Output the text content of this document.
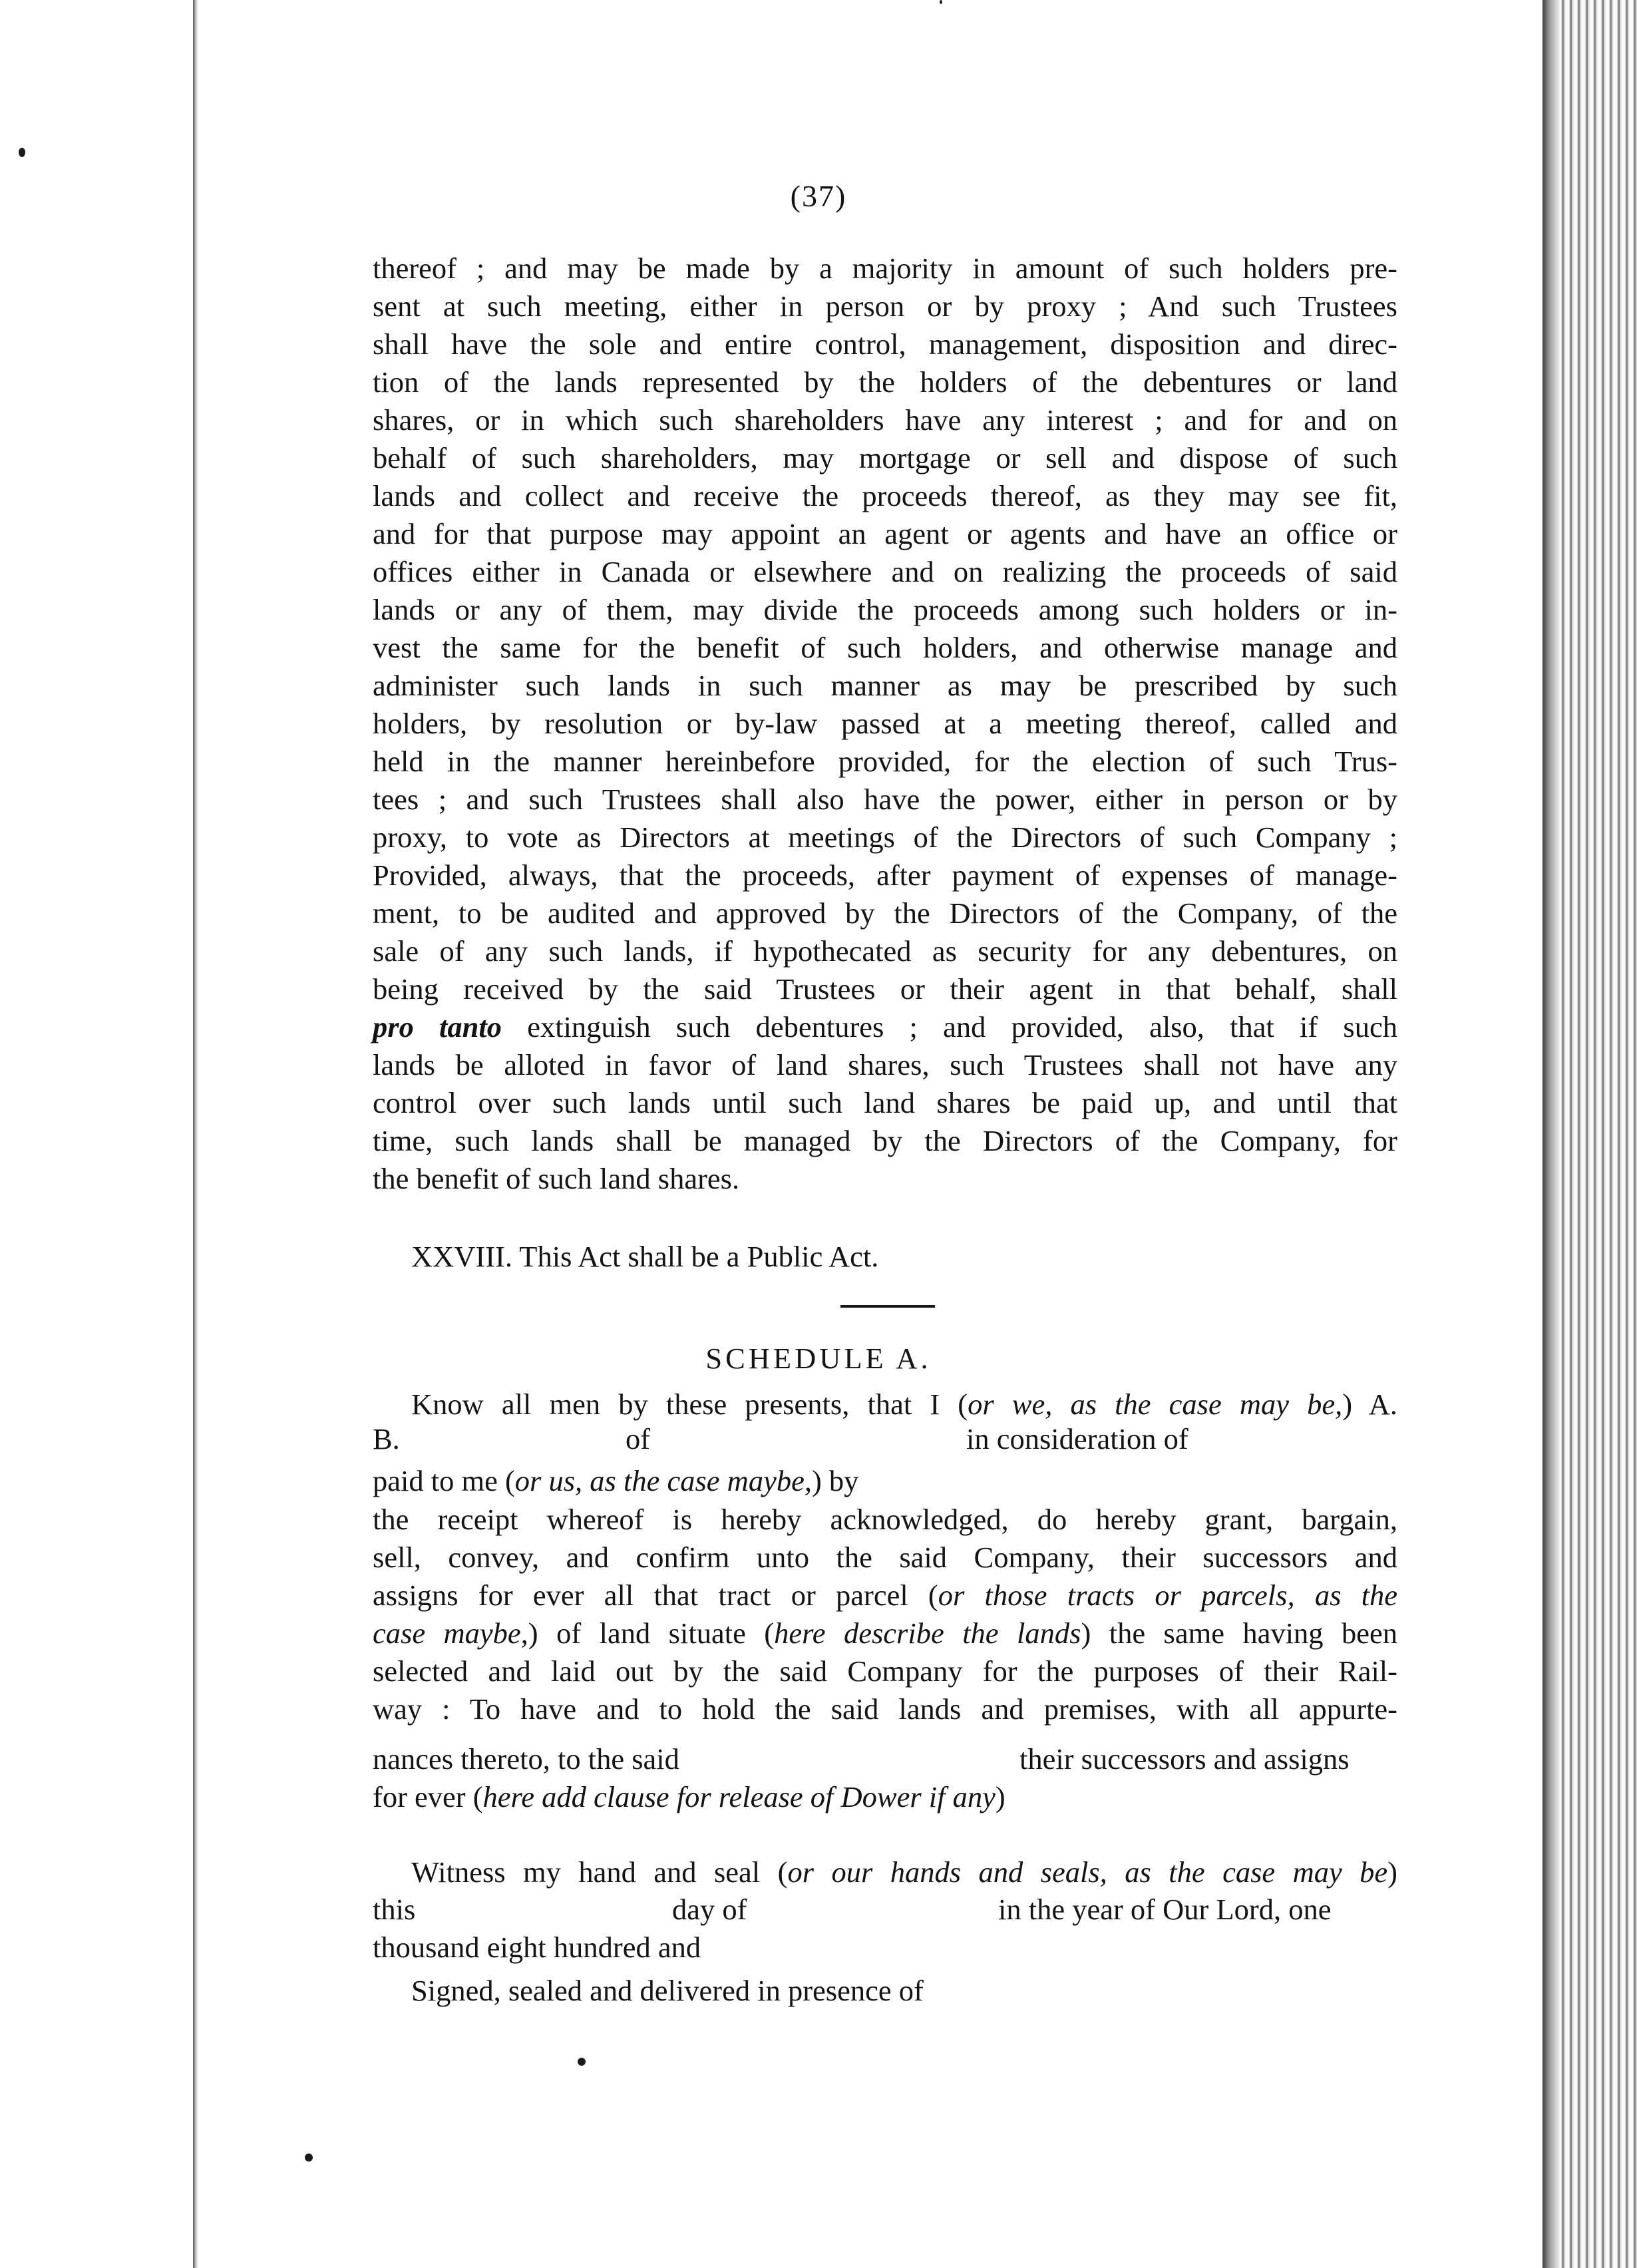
(37)
thereof ; and may be made by a majority in amount of such holders pre-
sent at such meeting, either in person or by proxy ; And such Trustees
shall have the sole and entire control, management, disposition and direc-
tion of the lands represented by the holders of the debentures or land
shares, or in which such shareholders have any interest ; and for and on
behalf of such shareholders, may mortgage or sell and dispose of such
lands and collect and receive the proceeds thereof, as they may see fit,
and for that purpose may appoint an agent or agents and have an office or
offices either in Canada or elsewhere and on realizing the proceeds of said
lands or any of them, may divide the proceeds among such holders or in-
vest the same for the benefit of such holders, and otherwise manage and
administer such lands in such manner as may be prescribed by such
holders, by resolution or by-law passed at a meeting thereof, called and
held in the manner hereinbefore provided, for the election of such Trus-
tees ; and such Trustees shall also have the power, either in person or by
proxy, to vote as Directors at meetings of the Directors of such Company ;
Provided, always, that the proceeds, after payment of expenses of manage-
ment, to be audited and approved by the Directors of the Company, of the
sale of any such lands, if hypothecated as security for any debentures, on
being received by the said Trustees or their agent in that behalf, shall
pro tanto extinguish such debentures ; and provided, also, that if such
lands be alloted in favor of land shares, such Trustees shall not have any
control over such lands until such land shares be paid up, and until that
time, such lands shall be managed by the Directors of the Company, for
the benefit of such land shares.
XXVIII. This Act shall be a Public Act.
SCHEDULE A.
Know all men by these presents, that I (or we, as the case may be,) A.
B.	of	in consideration of
paid to me (or us, as the case maybe,) by
the receipt whereof is hereby acknowledged, do hereby grant, bargain,
sell, convey, and confirm unto the said Company, their successors and
assigns for ever all that tract or parcel (or those tracts or parcels, as the
case maybe,) of land situate (here describe the lands) the same having been
selected and laid out by the said Company for the purposes of their Rail-
way : To have and to hold the said lands and premises, with all appurte-
nances thereto, to the said	their successors and assigns
for ever (here add clause for release of Dower if any)
Witness my hand and seal (or our hands and seals, as the case may be)
this	day of	in the year of Our Lord, one
thousand eight hundred and
Signed, sealed and delivered in presence of
